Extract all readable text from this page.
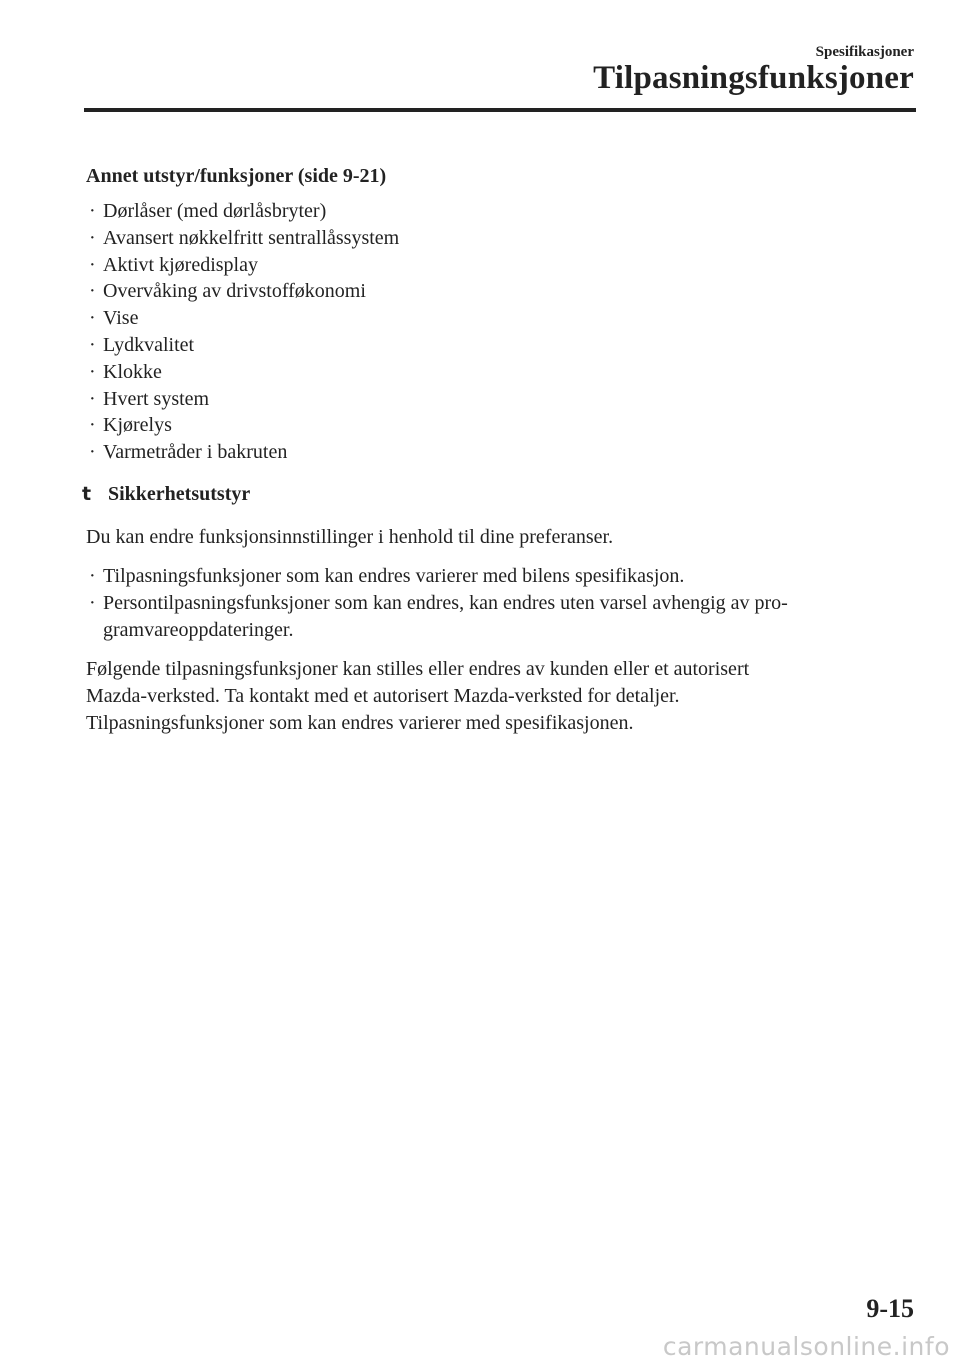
Spesifikasjoner
Tilpasningsfunksjoner
Annet utstyr/funksjoner (side 9-21)
· Dørlåser (med dørlåsbryter)
· Avansert nøkkelfritt sentrallåssystem
· Aktivt kjøredisplay
· Overvåking av drivstofføkonomi
· Vise
· Lydkvalitet
· Klokke
· Hvert system
· Kjørelys
· Varmetråder i bakruten
t Sikkerhetsutstyr

Du kan endre funksjonsinnstillinger i henhold til dine preferanser.

· Tilpasningsfunksjoner som kan endres varierer med bilens spesifikasjon.
· Persontilpasningsfunksjoner som kan endres, kan endres uten varsel avhengig av pro- gramvareoppdateringer.

Følgende tilpasningsfunksjoner kan stilles eller endres av kunden eller et autorisert

Mazda-verksted. Ta kontakt med et autorisert Mazda-verksted for detaljer.

Tilpasningsfunksjoner som kan endres varierer med spesifikasjonen.

9-15
carmanualsonline.info
